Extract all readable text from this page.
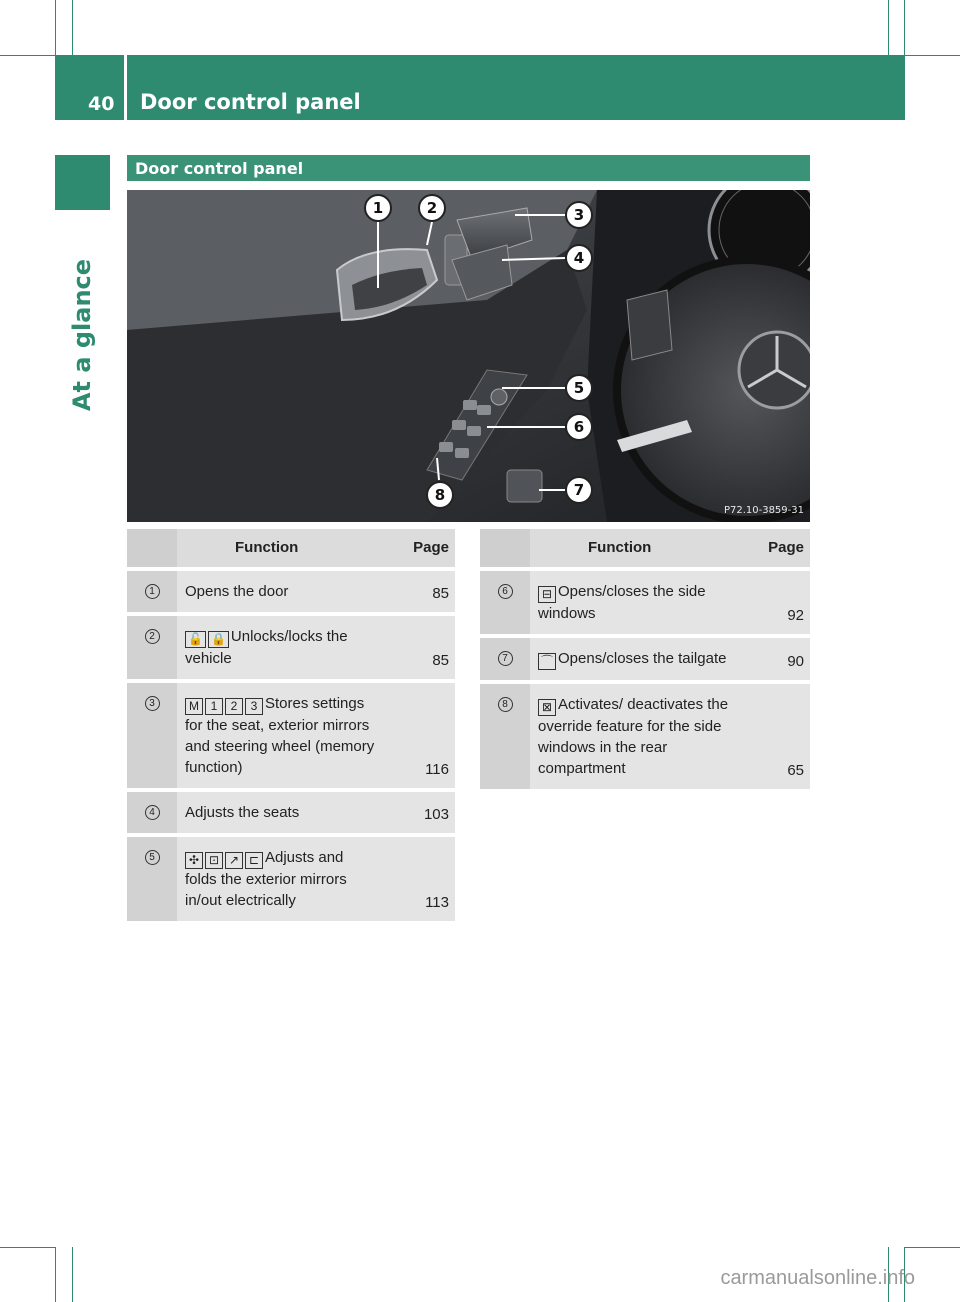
40 Door control panel
At a glance
Door control panel
1	2	3
4
5
6
7
8
P72.10-3859-31
	Function	Page
1	Opens the door	85
2	🔓 🔒 Unlocks/locks the vehicle	85
3	M 1 2 3 Stores settings for the seat, exterior mirrors and steering wheel (memory function)	116
4	Adjusts the seats	103
5	✣ ⊡ ↗ ⊏ Adjusts and folds the exterior mirrors in/out electrically	113
	Function	Page
6	⊟ Opens/closes the side windows	92
7	⌒ Opens/closes the tailgate	90
8	⊠ Activates/ deactivates the override feature for the side windows in the rear compartment	65
carmanualsonline.info
